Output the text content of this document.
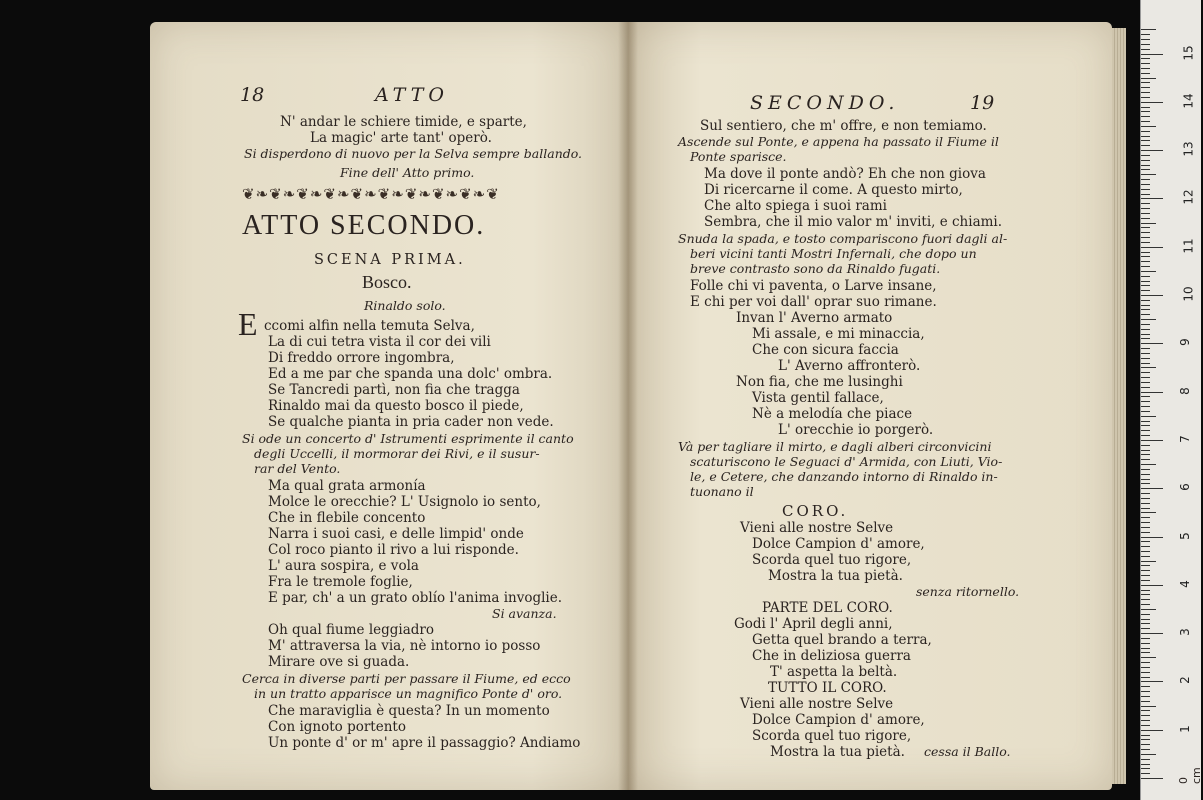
18	ATTO
N' andar le schiere timide, e sparte,
La magic' arte tant' operò.
Si disperdono di nuovo per la Selva sempre ballando.
Fine dell' Atto primo.
❦❧❦❧❦❧❦❧❦❧❦❧❦❧❦❧❦❧❦
ATTO SECONDO.
SCENA PRIMA.
Bosco.
Rinaldo solo.
E ccomi alfin nella temuta Selva,
La di cui tetra vista il cor dei vili
Di freddo orrore ingombra,
Ed a me par che spanda una dolc' ombra.
Se Tancredi partì, non fia che tragga
Rinaldo mai da questo bosco il piede,
Se qualche pianta in pria cader non vede.
Si ode un concerto d' Istrumenti esprimente il canto
degli Uccelli, il mormorar dei Rivi, e il susur-
rar del Vento.
Ma qual grata armonía
Molce le orecchie? L' Usignolo io sento,
Che in flebile concento
Narra i suoi casi, e delle limpid' onde
Col roco pianto il rivo a lui risponde.
L' aura sospira, e vola
Fra le tremole foglie,
E par, ch' a un grato oblío l'anima invoglie.
Si avanza.
Oh qual fiume leggiadro
M' attraversa la via, nè intorno io posso
Mirare ove si guada.
Cerca in diverse parti per passare il Fiume, ed ecco
in un tratto apparisce un magnifico Ponte d' oro.
Che maraviglia è questa? In un momento
Con ignoto portento
Un ponte d' or m' apre il passaggio? Andiamo
SECONDO.	19
Sul sentiero, che m' offre, e non temiamo.
Ascende sul Ponte, e appena ha passato il Fiume il
Ponte sparisce.
Ma dove il ponte andò? Eh che non giova
Di ricercarne il come. A questo mirto,
Che alto spiega i suoi rami
Sembra, che il mio valor m' inviti, e chiami.
Snuda la spada, e tosto compariscono fuori dagli al-
beri vicini tanti Mostri Infernali, che dopo un
breve contrasto sono da Rinaldo fugati.
Folle chi vi paventa, o Larve insane,
E chi per voi dall' oprar suo rimane.
Invan l' Averno armato
Mi assale, e mi minaccia,
Che con sicura faccia
L' Averno affronterò.
Non fia, che me lusinghi
Vista gentil fallace,
Nè a melodía che piace
L' orecchie io porgerò.
Và per tagliare il mirto, e dagli alberi circonvicini
scaturiscono le Seguaci d' Armida, con Liuti, Vio-
le, e Cetere, che danzando intorno di Rinaldo in-
tuonano il
CORO.
Vieni alle nostre Selve
Dolce Campion d' amore,
Scorda quel tuo rigore,
Mostra la tua pietà.
senza ritornello.
PARTE DEL CORO.
Godi l' April degli anni,
Getta quel brando a terra,
Che in deliziosa guerra
T' aspetta la beltà.
TUTTO IL CORO.
Vieni alle nostre Selve
Dolce Campion d' amore,
Scorda quel tuo rigore,
Mostra la tua pietà. cessa il Ballo.
0 cm
1
2
3
4
5
6
7
8
9
10
11
12
13
14
15
